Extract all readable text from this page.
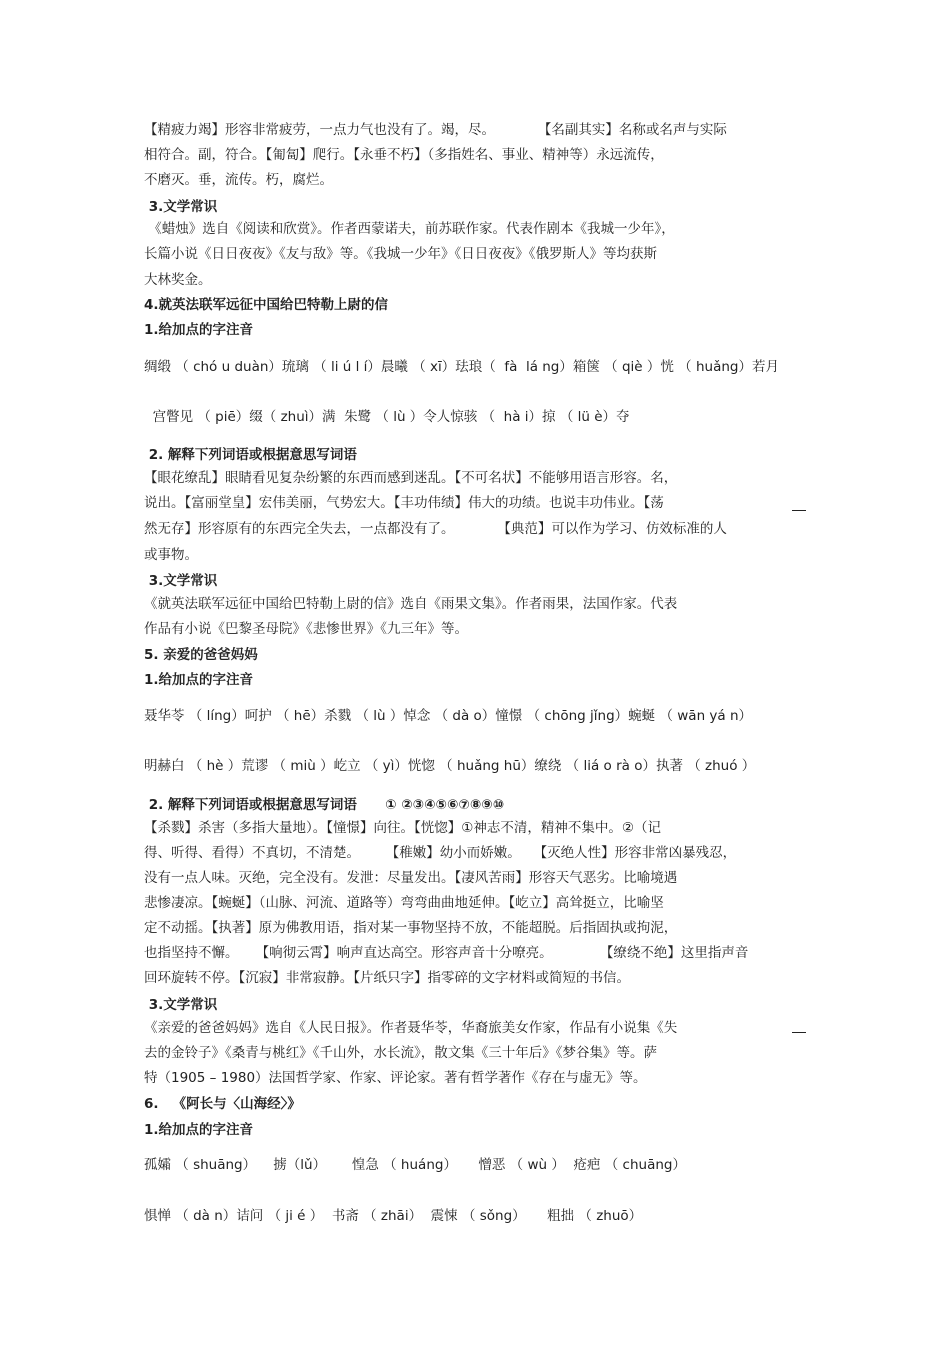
【精疲力竭】形容非常疲劳，一点力气也没有了。竭，尽。          【名副其实】名称或名声与实际
相符合。副，符合。【匍匐】爬行。【永垂不朽】（多指姓名、事业、精神等）永远流传，
不磨灭。垂，流传。朽，腐烂。
3.文学常识
《蜡烛》选自《阅读和欣赏》。作者西蒙诺夫，前苏联作家。代表作剧本《我城一少年》，
长篇小说《日日夜夜》《友与敌》等。《我城一少年》《日日夜夜》《俄罗斯人》等均获斯
大林奖金。
4.就英法联军远征中国给巴特勒上尉的信
1.给加点的字注音
绸缎 （ chó u duàn）琉璃 （ li ú l í）晨曦 （ xī）珐琅（  fà  lá ng）箱箧 （ qiè ）恍 （ huǎng）若月
宫瞥见 （ piē）缀（ zhuì）满  朱鹭 （ lù ）令人惊骇 （  hà i）掠 （ lü è）夺
2. 解释下列词语或根据意思写词语
【眼花缭乱】眼睛看见复杂纷繁的东西而感到迷乱。【不可名状】不能够用语言形容。名，
说出。【富丽堂皇】宏伟美丽，气势宏大。【丰功伟绩】伟大的功绩。也说丰功伟业。【荡
然无存】形容原有的东西完全失去，一点都没有了。          【典范】可以作为学习、仿效标准的人
或事物。
3.文学常识
《就英法联军远征中国给巴特勒上尉的信》选自《雨果文集》。作者雨果，法国作家。代表
作品有小说《巴黎圣母院》《悲惨世界》《九三年》等。
5. 亲爱的爸爸妈妈
1.给加点的字注音
聂华苓 （ líng）呵护 （ hē）杀戮 （ lù ）悼念 （ dà o）憧憬 （ chōng jǐng）蜿蜒 （ wān yá n）
明赫白 （ hè ）荒谬 （ miù ）屹立 （ yì）恍惚 （ huǎng hū）缭绕 （ liá o rà o）执著 （ zhuó ）
2. 解释下列词语或根据意思写词语      ① ②③④⑤⑥⑦⑧⑨⑩
【杀戮】杀害（多指大量地）。【憧憬】向往。【恍惚】①神志不清，精神不集中。②（记
得、听得、看得）不真切，不清楚。      【稚嫩】幼小而娇嫩。   【灭绝人性】形容非常凶暴残忍，
没有一点人味。灭绝，完全没有。发泄：尽量发出。【凄风苦雨】形容天气恶劣。比喻境遇
悲惨凄凉。【蜿蜒】（山脉、河流、道路等）弯弯曲曲地延伸。【屹立】高耸挺立，比喻坚
定不动摇。【执著】原为佛教用语，指对某一事物坚持不放，不能超脱。后指固执或拘泥，
也指坚持不懈。    【响彻云霄】响声直达高空。形容声音十分嘹亮。           【缭绕不绝】这里指声音
回环旋转不停。【沉寂】非常寂静。【片纸只字】指零碎的文字材料或简短的书信。
3.文学常识
《亲爱的爸爸妈妈》选自《人民日报》。作者聂华苓，华裔旅美女作家，作品有小说集《失
去的金铃子》《桑青与桃红》《千山外，水长流》，散文集《三十年后》《梦谷集》等。萨
特（1905 – 1980）法国哲学家、作家、评论家。著有哲学著作《存在与虚无》等。
6.   《阿长与〈山海经〉》
1.给加点的字注音
孤孀 （ shuāng）    掳（lǔ）      惶急 （ huáng）     憎恶 （ wù ）  疮疤 （ chuāng）
惧惮 （ dà n）诘问 （ ji é ）  书斋 （ zhāi）  震悚 （ sǒng）     粗拙 （ zhuō）
